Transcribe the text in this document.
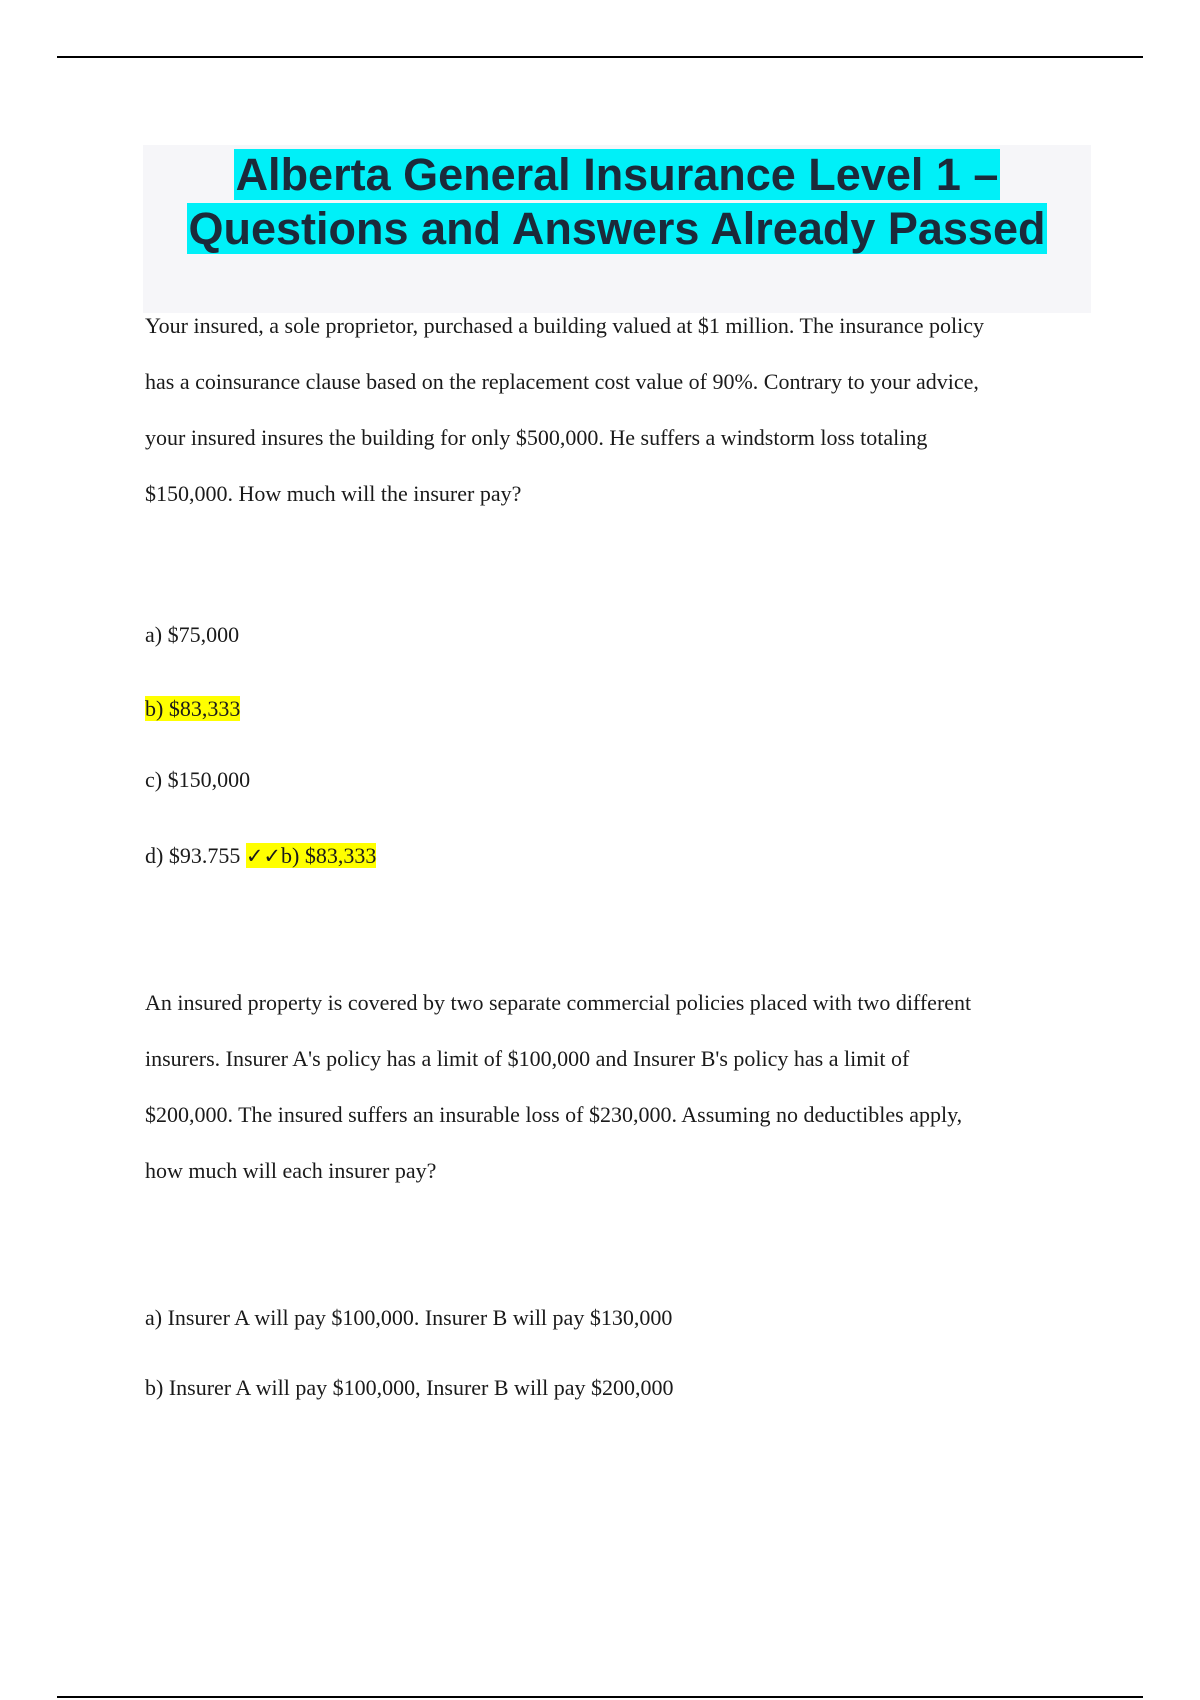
Alberta General Insurance Level 1 –
Questions and Answers Already Passed
Your insured, a sole proprietor, purchased a building valued at $1 million. The insurance policy
has a coinsurance clause based on the replacement cost value of 90%. Contrary to your advice,
your insured insures the building for only $500,000. He suffers a windstorm loss totaling
$150,000. How much will the insurer pay?
a) $75,000
b) $83,333
c) $150,000
d) $93.755 ✓✓b) $83,333
An insured property is covered by two separate commercial policies placed with two different
insurers. Insurer A's policy has a limit of $100,000 and Insurer B's policy has a limit of
$200,000. The insured suffers an insurable loss of $230,000. Assuming no deductibles apply,
how much will each insurer pay?
a) Insurer A will pay $100,000. Insurer B will pay $130,000
b) Insurer A will pay $100,000, Insurer B will pay $200,000
